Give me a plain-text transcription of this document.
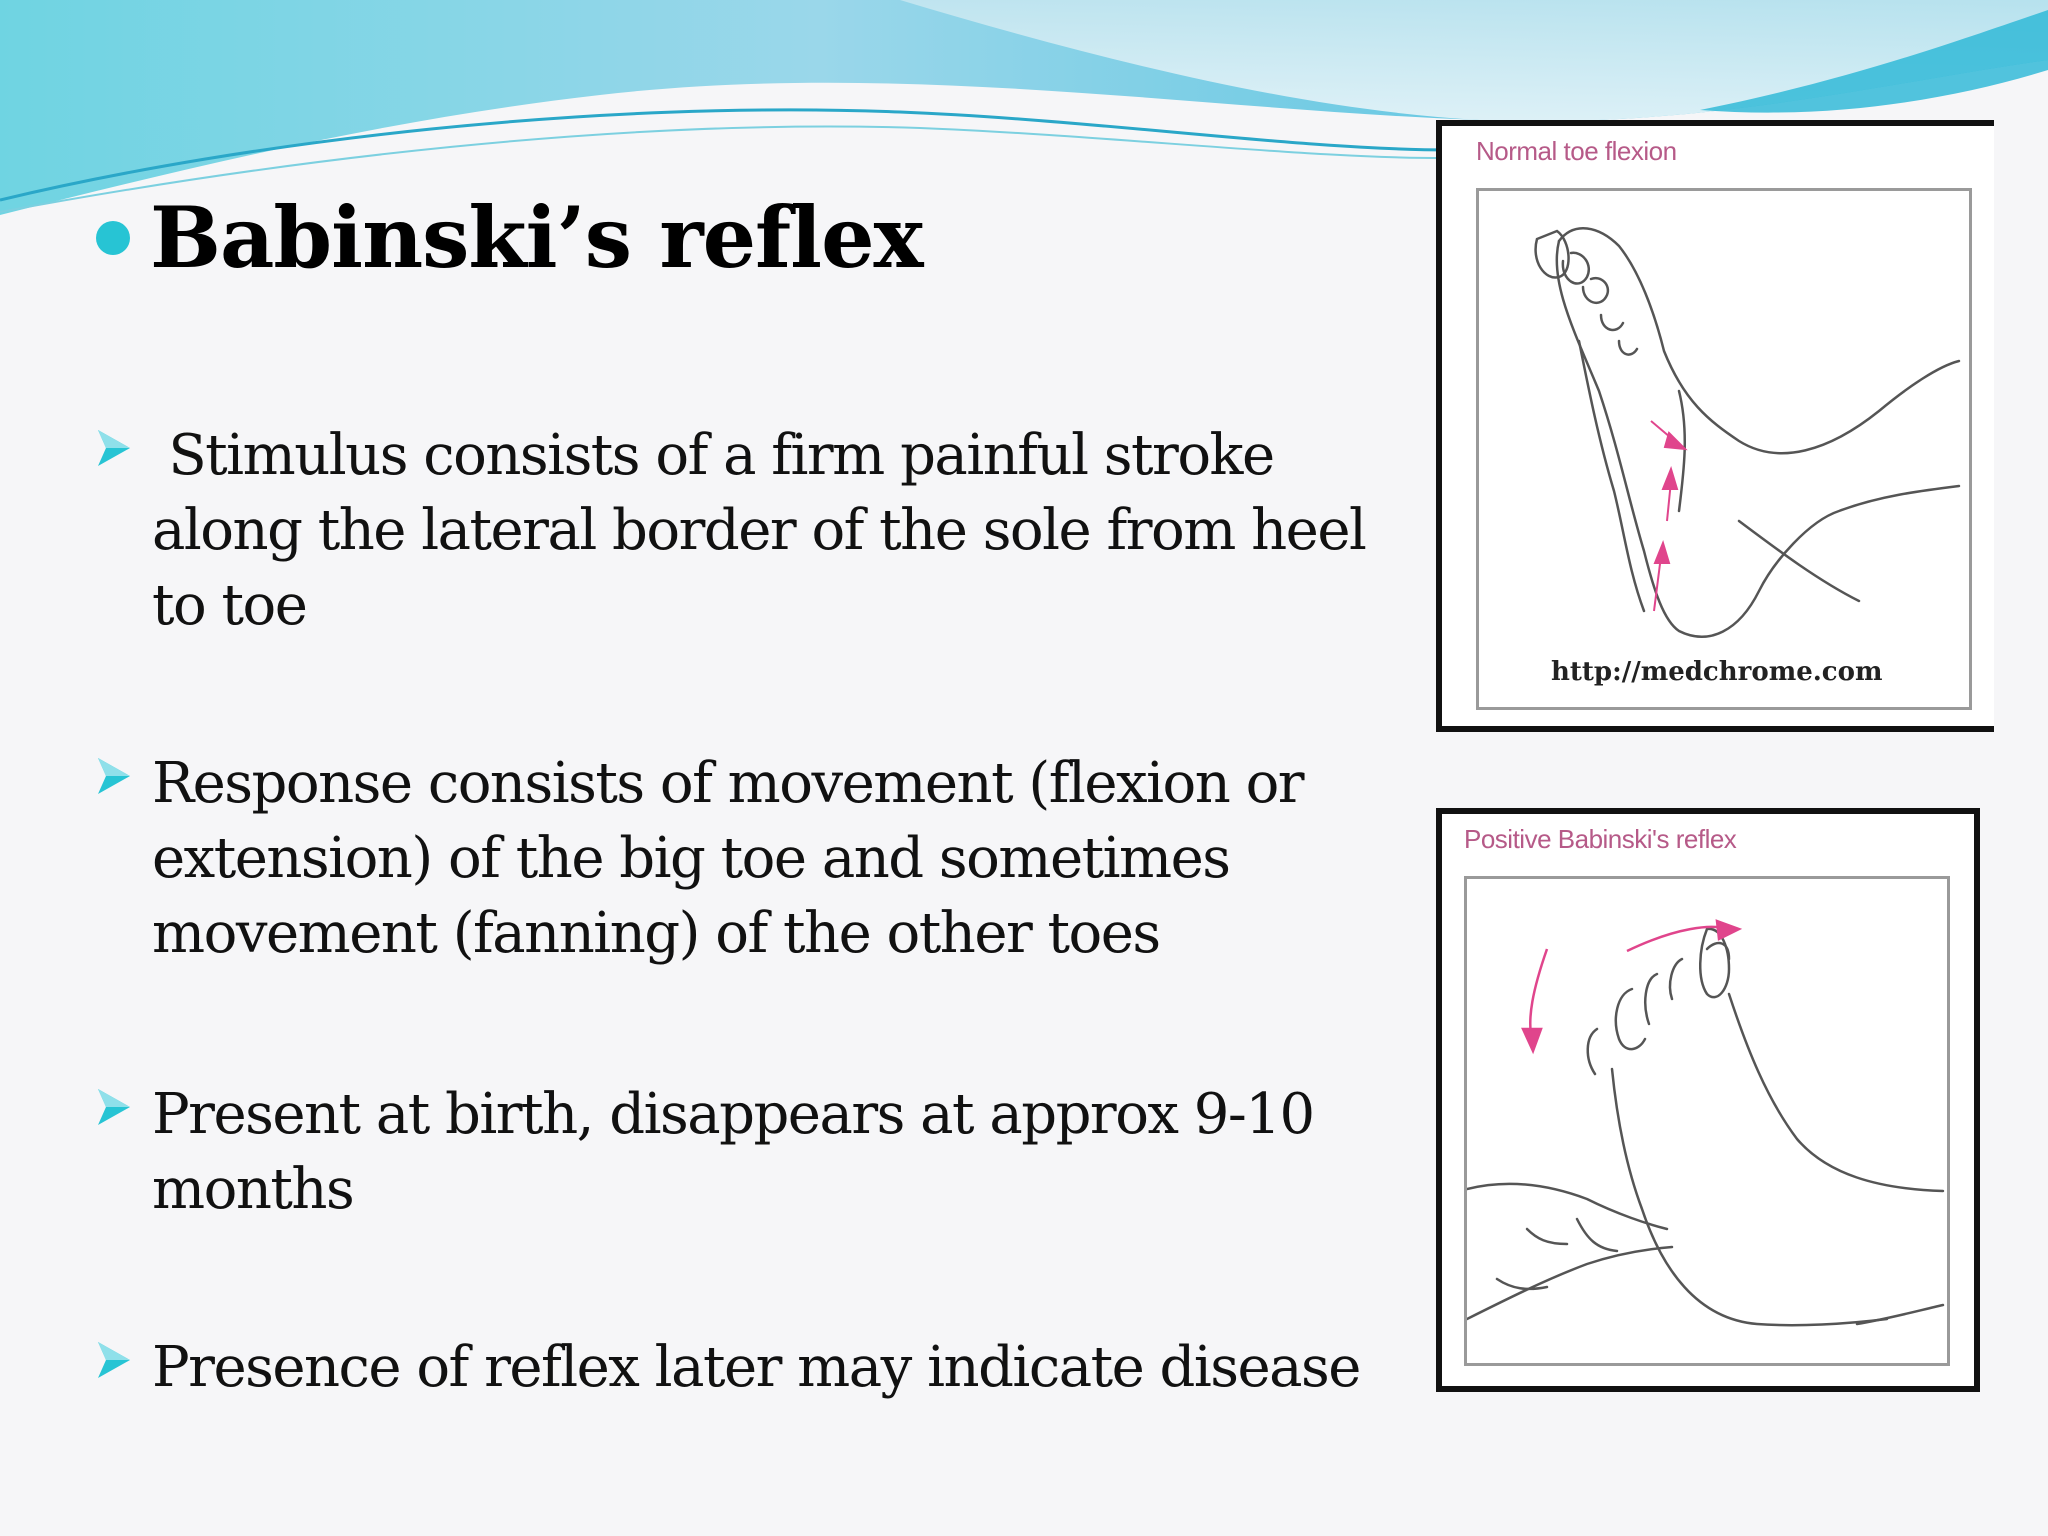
Babinski’s reflex

Stimulus consists of a firm painful stroke along the lateral border of the sole from heel to toe

Response consists of movement (flexion or extension) of the big toe and sometimes movement (fanning) of the other toes

Present at birth, disappears at approx 9-10 months

Presence of reflex later may indicate disease

Normal toe flexion
http://medchrome.com
Positive Babinski's reflex
